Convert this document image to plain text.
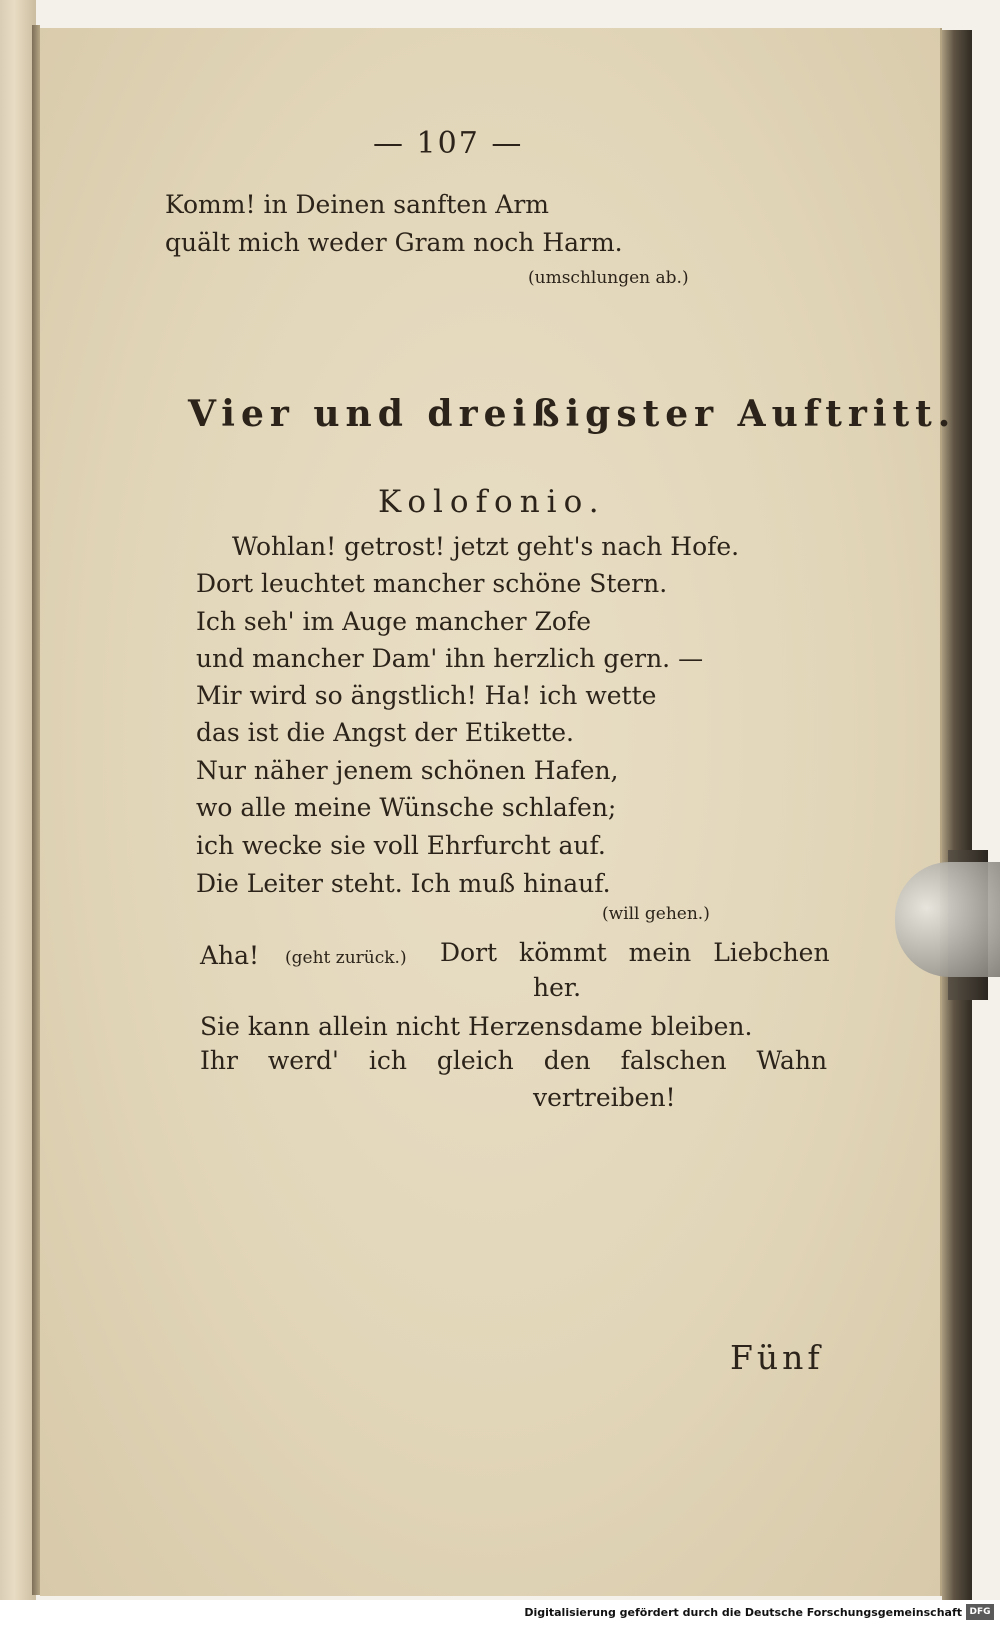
— 107 —
Komm! in Deinen sanften Arm
quält mich weder Gram noch Harm.
(umschlungen ab.)
Vier und dreißigster Auftritt.
Kolofonio.
Wohlan! getrost! jetzt geht's nach Hofe.
Dort leuchtet mancher schöne Stern.
Ich seh' im Auge mancher Zofe
und mancher Dam' ihn herzlich gern. —
Mir wird so ängstlich! Ha! ich wette
das ist die Angst der Etikette.
Nur näher jenem schönen Hafen,
wo alle meine Wünsche schlafen;
ich wecke sie voll Ehrfurcht auf.
Die Leiter steht. Ich muß hinauf.
(will gehen.)
Aha! (geht zurück.) Dort kömmt mein Liebchen
her.
Sie kann allein nicht Herzensdame bleiben.
Ihr werd' ich gleich den falschen Wahn
vertreiben!
Fünf
Digitalisierung gefördert durch die Deutsche Forschungsgemeinschaft DFG
